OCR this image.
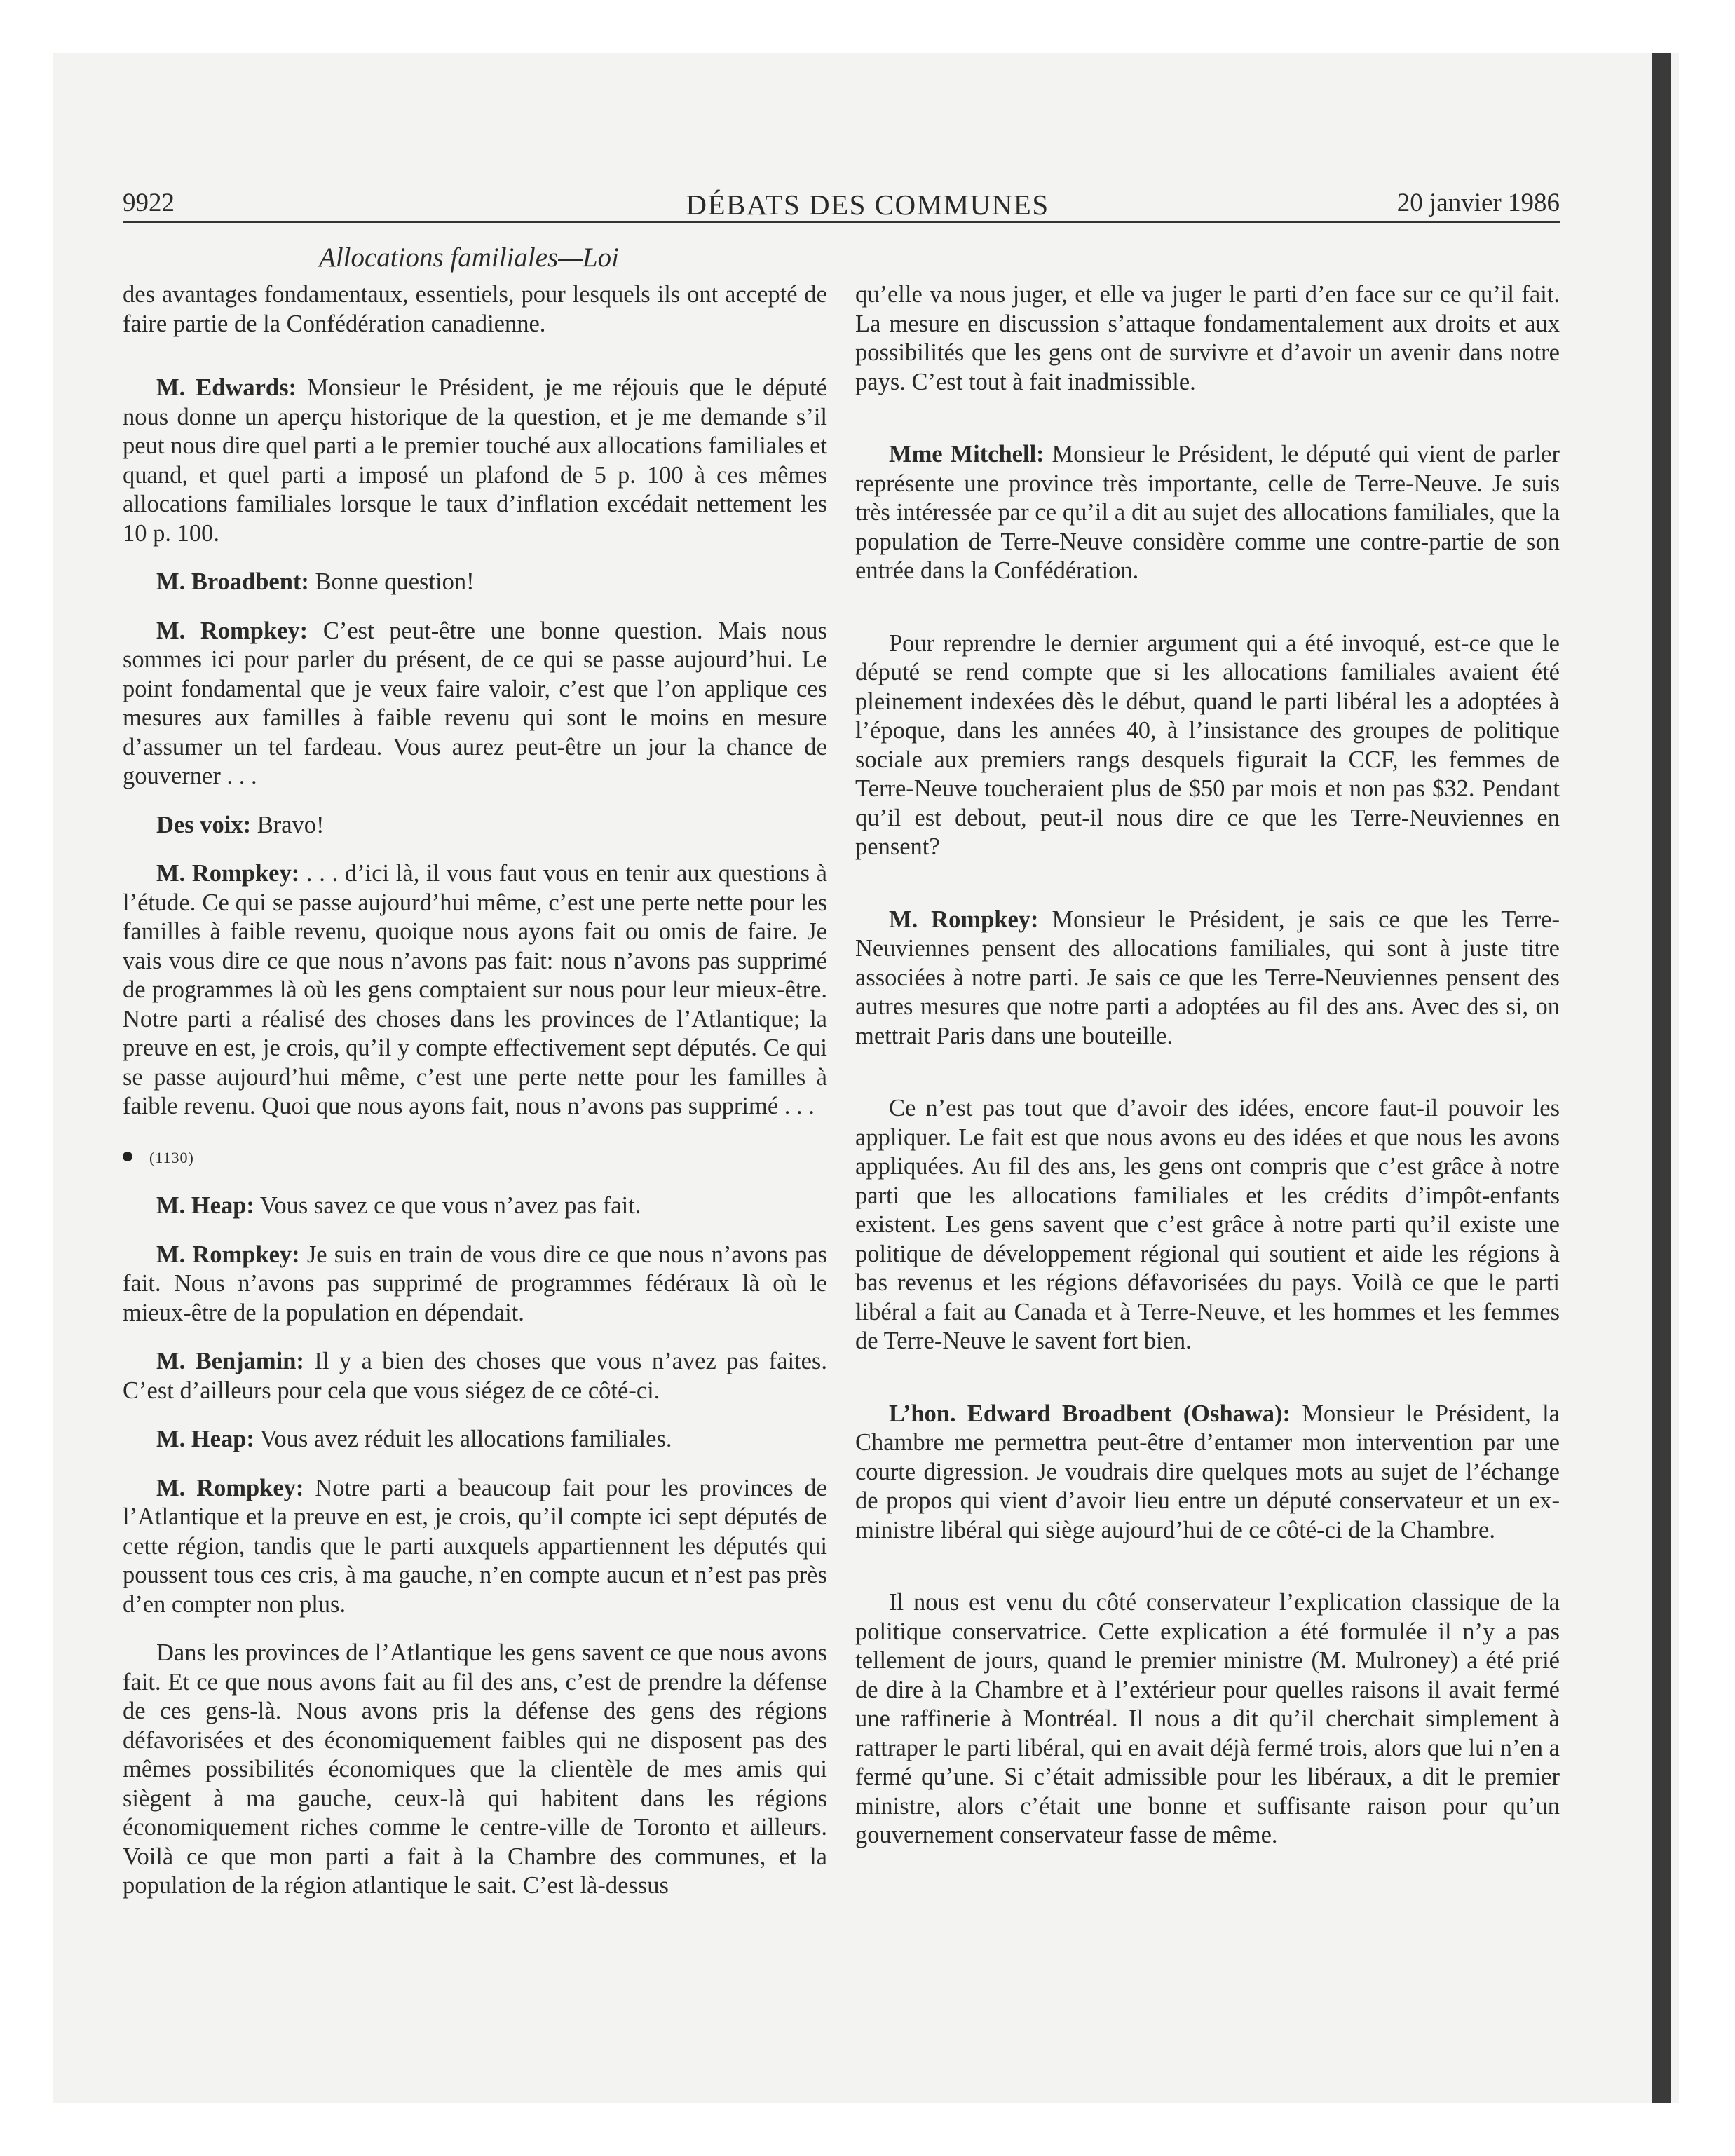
DÉBATS DES COMMUNES
9922	20 janvier 1986
Allocations familiales—Loi

des avantages fondamentaux, essentiels, pour lesquels ils ont accepté de faire partie de la Confédération canadienne.

M. Edwards: Monsieur le Président, je me réjouis que le député nous donne un aperçu historique de la question, et je me demande s’il peut nous dire quel parti a le premier touché aux allocations familiales et quand, et quel parti a imposé un plafond de 5 p. 100 à ces mêmes allocations familiales lorsque le taux d’inflation excédait nettement les 10 p. 100.

M. Broadbent: Bonne question!

M. Rompkey: C’est peut-être une bonne question. Mais nous sommes ici pour parler du présent, de ce qui se passe aujourd’hui. Le point fondamental que je veux faire valoir, c’est que l’on applique ces mesures aux familles à faible revenu qui sont le moins en mesure d’assumer un tel fardeau. Vous aurez peut-être un jour la chance de gouverner . . .

Des voix: Bravo!

M. Rompkey: . . . d’ici là, il vous faut vous en tenir aux questions à l’étude. Ce qui se passe aujourd’hui même, c’est une perte nette pour les familles à faible revenu, quoique nous ayons fait ou omis de faire. Je vais vous dire ce que nous n’avons pas fait: nous n’avons pas supprimé de programmes là où les gens comptaient sur nous pour leur mieux-être. Notre parti a réalisé des choses dans les provinces de l’Atlantique; la preuve en est, je crois, qu’il y compte effectivement sept députés. Ce qui se passe aujourd’hui même, c’est une perte nette pour les familles à faible revenu. Quoi que nous ayons fait, nous n’avons pas supprimé . . .

(1130)

M. Heap: Vous savez ce que vous n’avez pas fait.

M. Rompkey: Je suis en train de vous dire ce que nous n’avons pas fait. Nous n’avons pas supprimé de programmes fédéraux là où le mieux-être de la population en dépendait.

M. Benjamin: Il y a bien des choses que vous n’avez pas faites. C’est d’ailleurs pour cela que vous siégez de ce côté-ci.

M. Heap: Vous avez réduit les allocations familiales.

M. Rompkey: Notre parti a beaucoup fait pour les provinces de l’Atlantique et la preuve en est, je crois, qu’il compte ici sept députés de cette région, tandis que le parti auxquels appartiennent les députés qui poussent tous ces cris, à ma gauche, n’en compte aucun et n’est pas près d’en compter non plus.

Dans les provinces de l’Atlantique les gens savent ce que nous avons fait. Et ce que nous avons fait au fil des ans, c’est de prendre la défense de ces gens-là. Nous avons pris la défense des gens des régions défavorisées et des économiquement faibles qui ne disposent pas des mêmes possibilités économiques que la clientèle de mes amis qui siègent à ma gauche, ceux-là qui habitent dans les régions économiquement riches comme le centre-ville de Toronto et ailleurs. Voilà ce que mon parti a fait à la Chambre des communes, et la population de la région atlantique le sait. C’est là-dessus

qu’elle va nous juger, et elle va juger le parti d’en face sur ce qu’il fait. La mesure en discussion s’attaque fondamentalement aux droits et aux possibilités que les gens ont de survivre et d’avoir un avenir dans notre pays. C’est tout à fait inadmissible.

Mme Mitchell: Monsieur le Président, le député qui vient de parler représente une province très importante, celle de Terre-Neuve. Je suis très intéressée par ce qu’il a dit au sujet des allocations familiales, que la population de Terre-Neuve considère comme une contre-partie de son entrée dans la Confédération.

Pour reprendre le dernier argument qui a été invoqué, est-ce que le député se rend compte que si les allocations familiales avaient été pleinement indexées dès le début, quand le parti libéral les a adoptées à l’époque, dans les années 40, à l’insistance des groupes de politique sociale aux premiers rangs desquels figurait la CCF, les femmes de Terre-Neuve toucheraient plus de $50 par mois et non pas $32. Pendant qu’il est debout, peut-il nous dire ce que les Terre-Neuviennes en pensent?

M. Rompkey: Monsieur le Président, je sais ce que les Terre-Neuviennes pensent des allocations familiales, qui sont à juste titre associées à notre parti. Je sais ce que les Terre-Neuviennes pensent des autres mesures que notre parti a adoptées au fil des ans. Avec des si, on mettrait Paris dans une bouteille.

Ce n’est pas tout que d’avoir des idées, encore faut-il pouvoir les appliquer. Le fait est que nous avons eu des idées et que nous les avons appliquées. Au fil des ans, les gens ont compris que c’est grâce à notre parti que les allocations familiales et les crédits d’impôt-enfants existent. Les gens savent que c’est grâce à notre parti qu’il existe une politique de développement régional qui soutient et aide les régions à bas revenus et les régions défavorisées du pays. Voilà ce que le parti libéral a fait au Canada et à Terre-Neuve, et les hommes et les femmes de Terre-Neuve le savent fort bien.

L’hon. Edward Broadbent (Oshawa): Monsieur le Président, la Chambre me permettra peut-être d’entamer mon intervention par une courte digression. Je voudrais dire quelques mots au sujet de l’échange de propos qui vient d’avoir lieu entre un député conservateur et un ex-ministre libéral qui siège aujourd’hui de ce côté-ci de la Chambre.

Il nous est venu du côté conservateur l’explication classique de la politique conservatrice. Cette explication a été formulée il n’y a pas tellement de jours, quand le premier ministre (M. Mulroney) a été prié de dire à la Chambre et à l’extérieur pour quelles raisons il avait fermé une raffinerie à Montréal. Il nous a dit qu’il cherchait simplement à rattraper le parti libéral, qui en avait déjà fermé trois, alors que lui n’en a fermé qu’une. Si c’était admissible pour les libéraux, a dit le premier ministre, alors c’était une bonne et suffisante raison pour qu’un gouvernement conservateur fasse de même.
